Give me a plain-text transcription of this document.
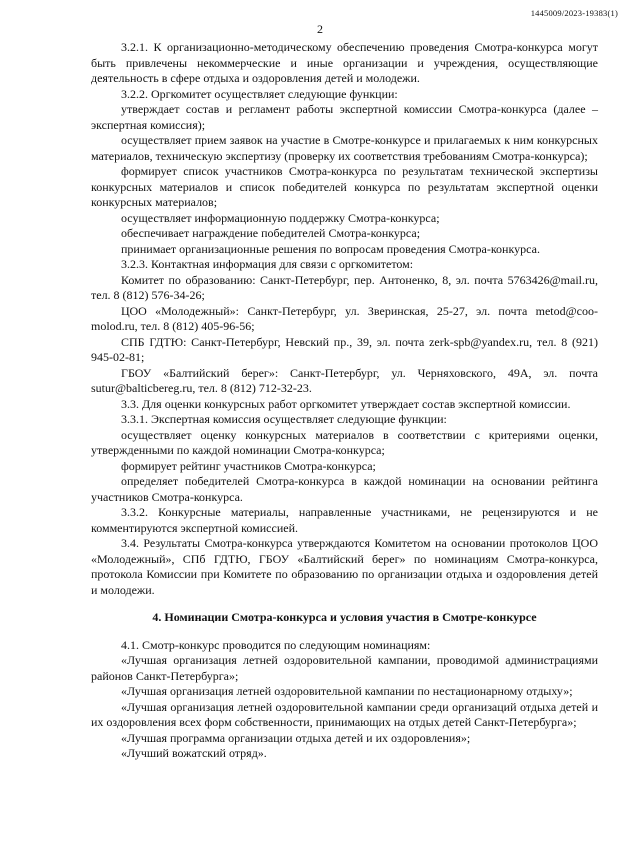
1445009/2023-19383(1)
2

3.2.1. К организационно-методическому обеспечению проведения Смотра-конкурса могут быть привлечены некоммерческие и иные организации и учреждения, осуществляющие деятельность в сфере отдыха и оздоровления детей и молодежи.

3.2.2. Оргкомитет осуществляет следующие функции:

утверждает состав и регламент работы экспертной комиссии Смотра-конкурса (далее – экспертная комиссия);

осуществляет прием заявок на участие в Смотре-конкурсе и прилагаемых к ним конкурсных материалов, техническую экспертизу (проверку их соответствия требованиям Смотра-конкурса);

формирует список участников Смотра-конкурса по результатам технической экспертизы конкурсных материалов и список победителей конкурса по результатам экспертной оценки конкурсных материалов;

осуществляет информационную поддержку Смотра-конкурса;

обеспечивает награждение победителей Смотра-конкурса;

принимает организационные решения по вопросам проведения Смотра-конкурса.

3.2.3. Контактная информация для связи с оргкомитетом:

Комитет по образованию: Санкт-Петербург, пер. Антоненко, 8, эл. почта 5763426@mail.ru, тел. 8 (812) 576-34-26;

ЦОО «Молодежный»: Санкт-Петербург, ул. Зверинская, 25-27, эл. почта metod@coo-molod.ru, тел. 8 (812) 405-96-56;

СПБ ГДТЮ: Санкт-Петербург, Невский пр., 39, эл. почта zerk-spb@yandex.ru, тел. 8 (921) 945-02-81;

ГБОУ «Балтийский берег»: Санкт-Петербург, ул. Черняховского, 49А, эл. почта sutur@balticbereg.ru, тел. 8 (812) 712-32-23.

3.3. Для оценки конкурсных работ оргкомитет утверждает состав экспертной комиссии.

3.3.1. Экспертная комиссия осуществляет следующие функции:

осуществляет оценку конкурсных материалов в соответствии с критериями оценки, утвержденными по каждой номинации Смотра-конкурса;

формирует рейтинг участников Смотра-конкурса;

определяет победителей Смотра-конкурса в каждой номинации на основании рейтинга участников Смотра-конкурса.

3.3.2. Конкурсные материалы, направленные участниками, не рецензируются и не комментируются экспертной комиссией.

3.4. Результаты Смотра-конкурса утверждаются Комитетом на основании протоколов ЦОО «Молодежный», СПб ГДТЮ, ГБОУ «Балтийский берег» по номинациям Смотра-конкурса, протокола Комиссии при Комитете по образованию по организации отдыха и оздоровления детей и молодежи.

4. Номинации Смотра-конкурса и условия участия в Смотре-конкурсе

4.1. Смотр-конкурс проводится по следующим номинациям:

«Лучшая организация летней оздоровительной кампании, проводимой администрациями районов Санкт-Петербурга»;

«Лучшая организация летней оздоровительной кампании по нестационарному отдыху»;

«Лучшая организация летней оздоровительной кампании среди организаций отдыха детей и их оздоровления всех форм собственности, принимающих на отдых детей Санкт-Петербурга»;

«Лучшая программа организации отдыха детей и их оздоровления»;

«Лучший вожатский отряд».
